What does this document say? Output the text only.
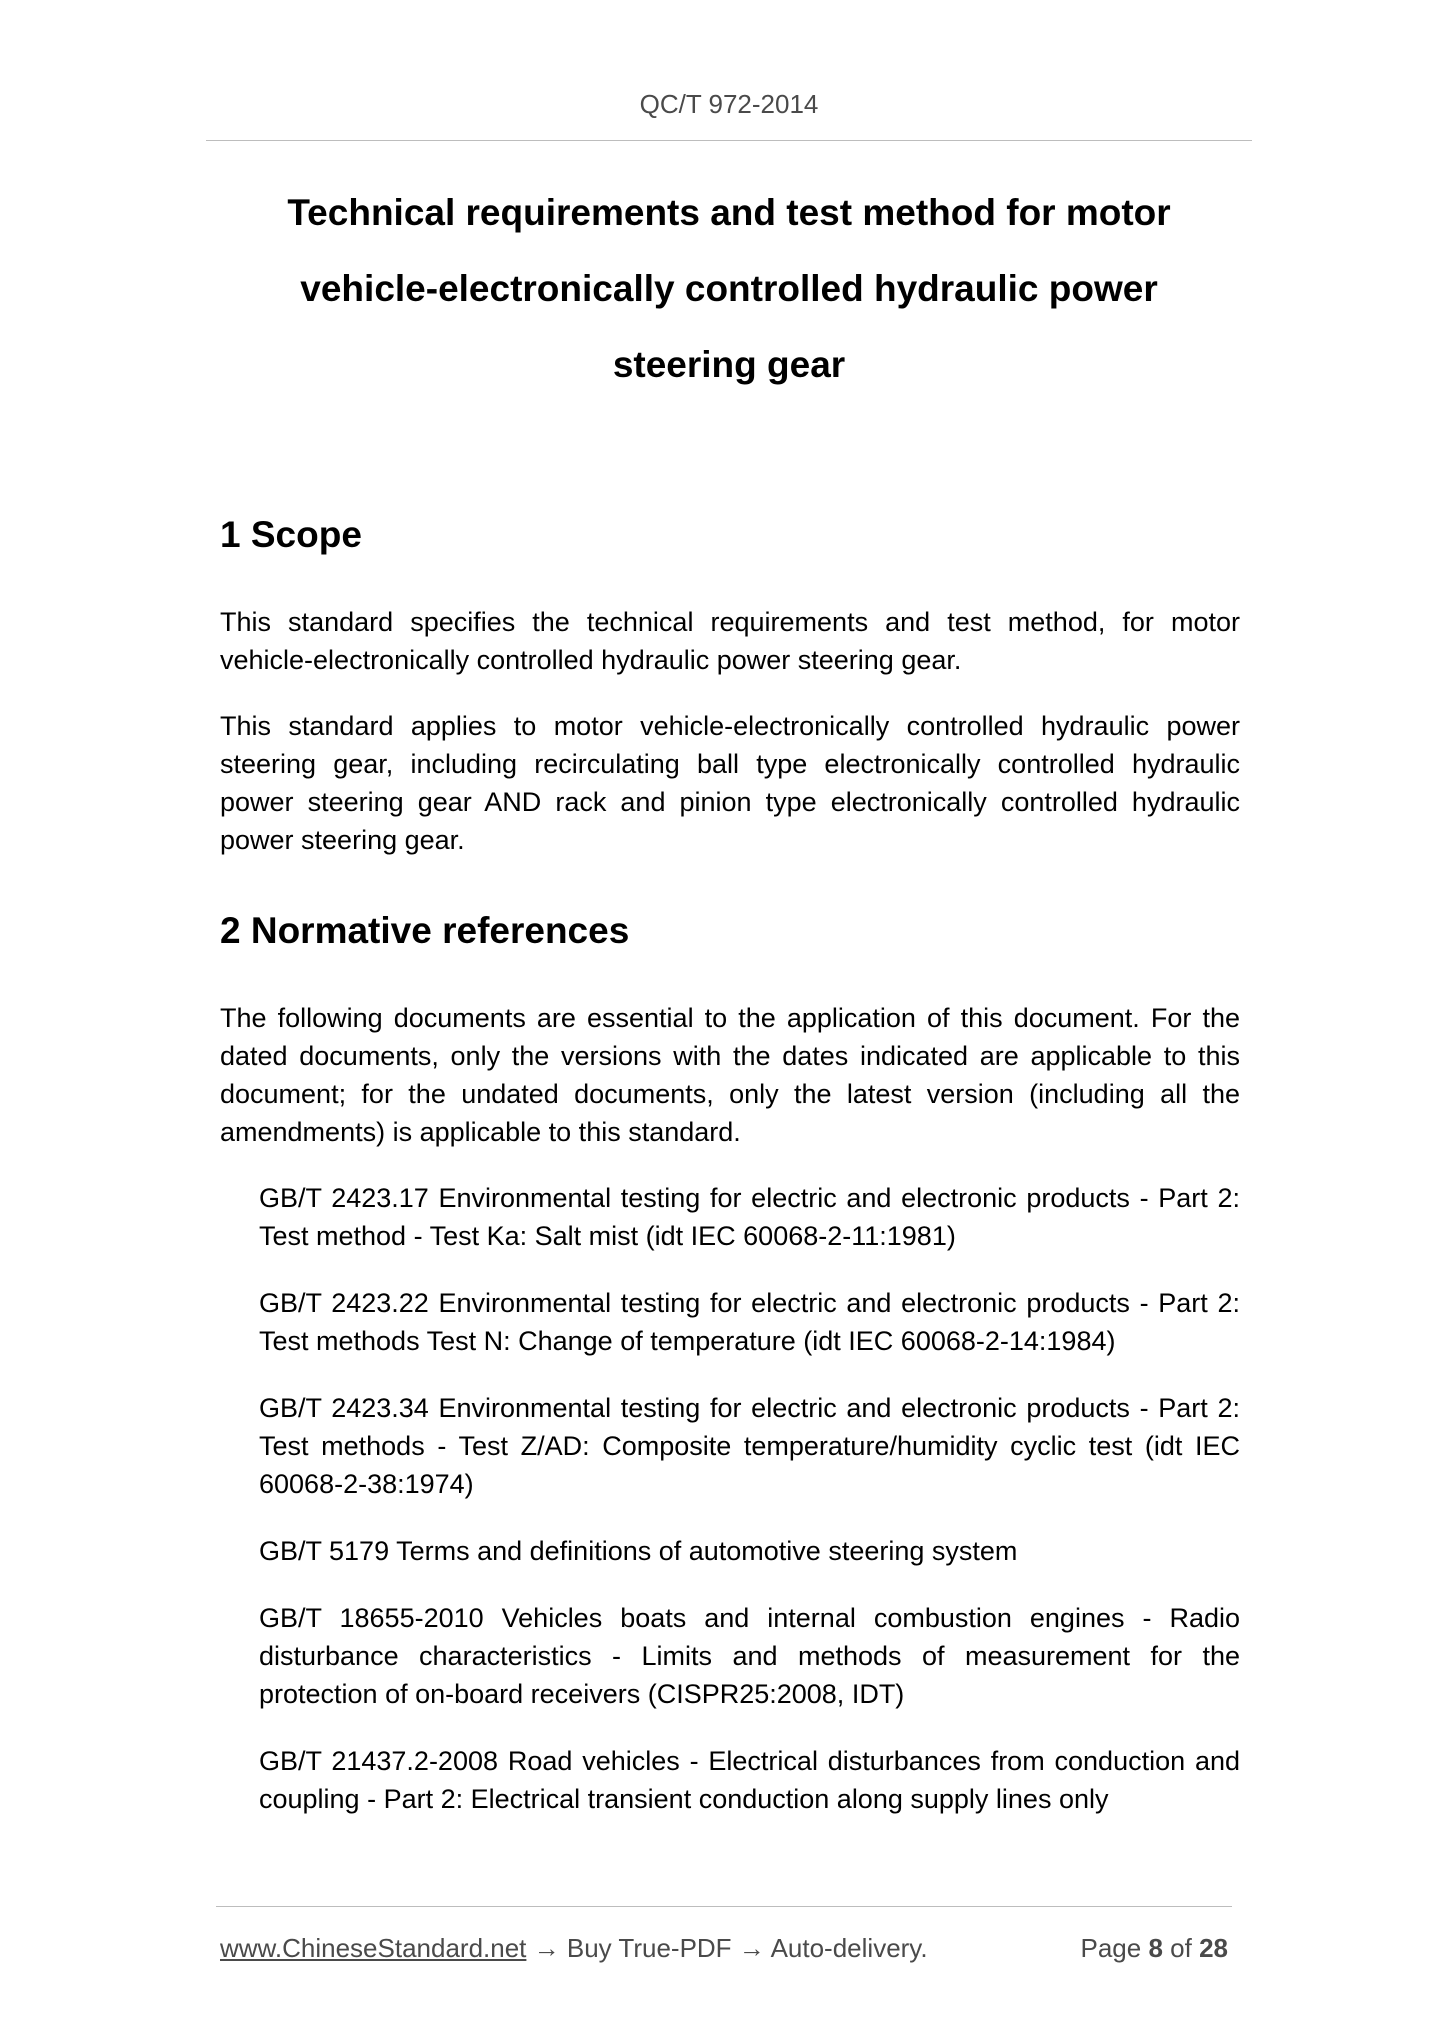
QC/T 972-2014
Technical requirements and test method for motor
vehicle-electronically controlled hydraulic power
steering gear
1 Scope

This standard specifies the technical requirements and test method, for motor vehicle-electronically controlled hydraulic power steering gear.

This standard applies to motor vehicle-electronically controlled hydraulic power steering gear, including recirculating ball type electronically controlled hydraulic power steering gear AND rack and pinion type electronically controlled hydraulic power steering gear.

2 Normative references

The following documents are essential to the application of this document. For the dated documents, only the versions with the dates indicated are applicable to this document; for the undated documents, only the latest version (including all the amendments) is applicable to this standard.

GB/T 2423.17 Environmental testing for electric and electronic products - Part 2: Test method - Test Ka: Salt mist (idt IEC 60068-2-11:1981)
GB/T 2423.22 Environmental testing for electric and electronic products - Part 2: Test methods Test N: Change of temperature (idt IEC 60068-2-14:1984)
GB/T 2423.34 Environmental testing for electric and electronic products - Part 2: Test methods - Test Z/AD: Composite temperature/humidity cyclic test (idt IEC 60068-2-38:1974)
GB/T 5179 Terms and definitions of automotive steering system
GB/T 18655-2010 Vehicles boats and internal combustion engines - Radio disturbance characteristics - Limits and methods of measurement for the protection of on-board receivers (CISPR25:2008, IDT)
GB/T 21437.2-2008 Road vehicles - Electrical disturbances from conduction and coupling - Part 2: Electrical transient conduction along supply lines only
www.ChineseStandard.net → Buy True-PDF → Auto-delivery.	Page 8 of 28
